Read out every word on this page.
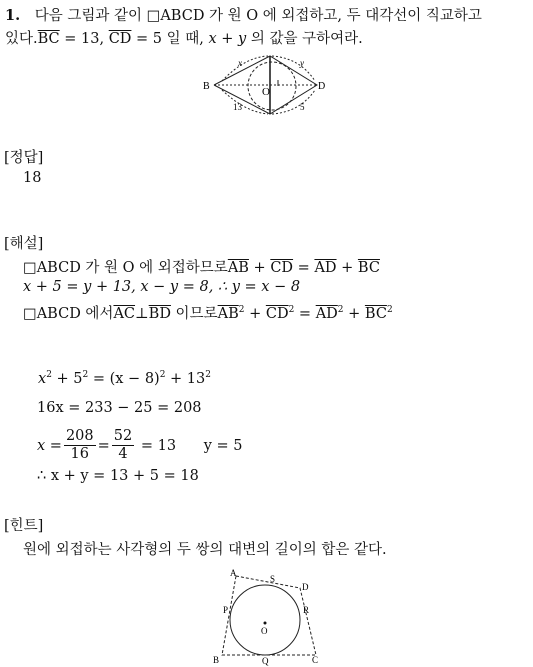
1. 다음 그림과 같이 □ABCD 가 원 O 에 외접하고, 두 대각선이 직교하고
있다$.\overline{BC} = 13$, $\overline{CD} = 5$ 일 때, x + y 의 값을 구하여라.
B	D
O
x	y
13	5
[정답]
18
[해설]
□ABCD 가 원 O 에 외접하므로$\overline{AB} + \overline{CD} = \overline{AD} + \overline{BC}$
x + 5 = y + 13, x − y = 8, ∴ y = x − 8
□ABCD 에서$\overline{AC}\perp\overline{BD}$ 이므로$\overline{AB}^2 + \overline{CD}^2 = \overline{AD}^2 + \overline{BC}^2$
$x^2 + 5^2 = (x - 8)^2 + 13^2$
16x = 233 − 25 = 208
$x = \frac{208}{16} = \frac{52}{4} = 13$      y = 5
∴ x + y = 13 + 5 = 18
[힌트]
원에 외접하는 사각형의 두 쌍의 대변의 길이의 합은 같다.
A
S
D
P	R
O
B	Q	C
